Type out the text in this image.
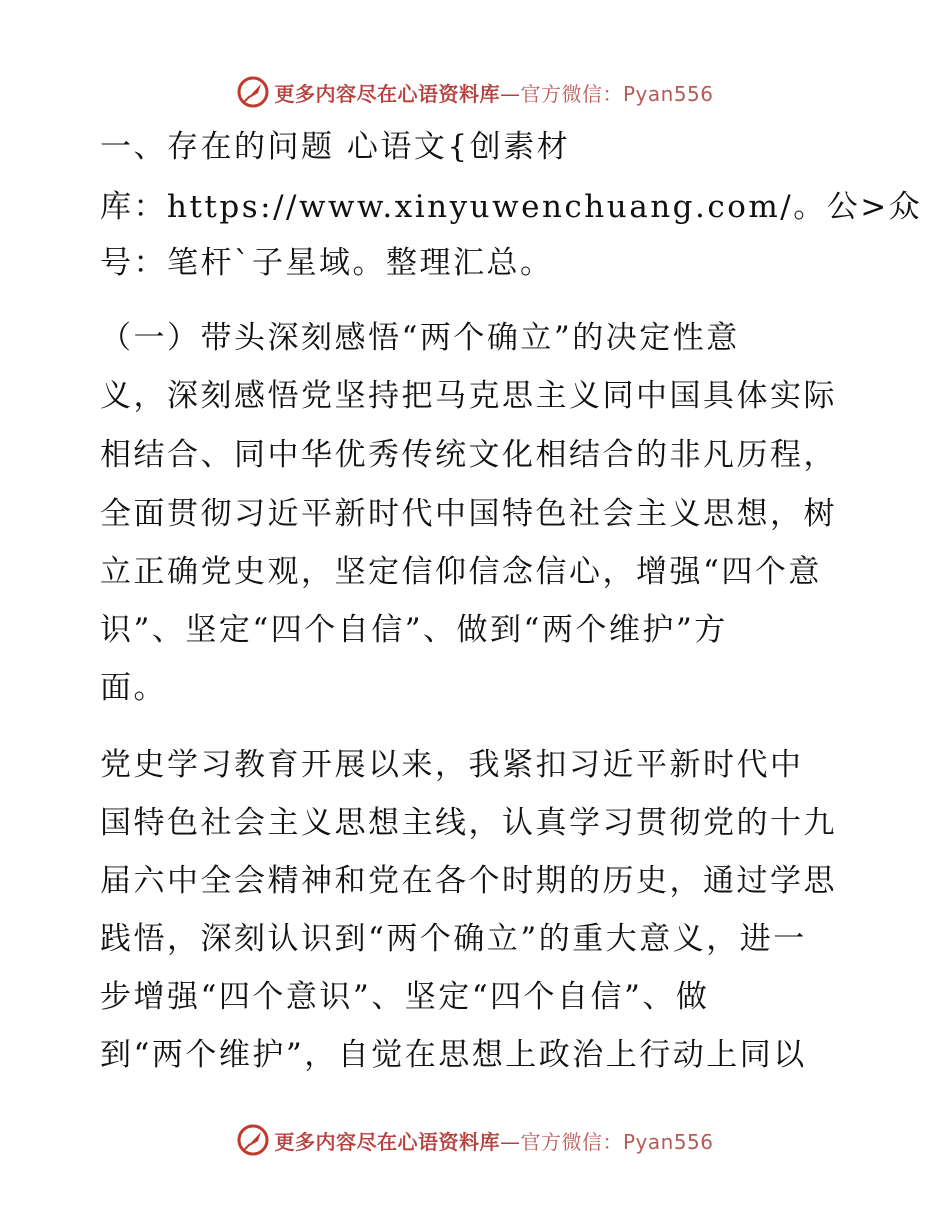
更多内容尽在心语资料库—官方微信：Pyan556

一、存在的问题 心语文{创素材

库：https://www.xinyuwenchuang.com/。公>众

号：笔杆`子星域。整理汇总。

（一）带头深刻感悟“两个确立”的决定性意

义，深刻感悟党坚持把马克思主义同中国具体实际

相结合、同中华优秀传统文化相结合的非凡历程，

全面贯彻习近平新时代中国特色社会主义思想，树

立正确党史观，坚定信仰信念信心，增强“四个意

识”、坚定“四个自信”、做到“两个维护”方

面。

党史学习教育开展以来，我紧扣习近平新时代中

国特色社会主义思想主线，认真学习贯彻党的十九

届六中全会精神和党在各个时期的历史，通过学思

践悟，深刻认识到“两个确立”的重大意义，进一

步增强“四个意识”、坚定“四个自信”、做

到“两个维护”，自觉在思想上政治上行动上同以

更多内容尽在心语资料库—官方微信：Pyan556
